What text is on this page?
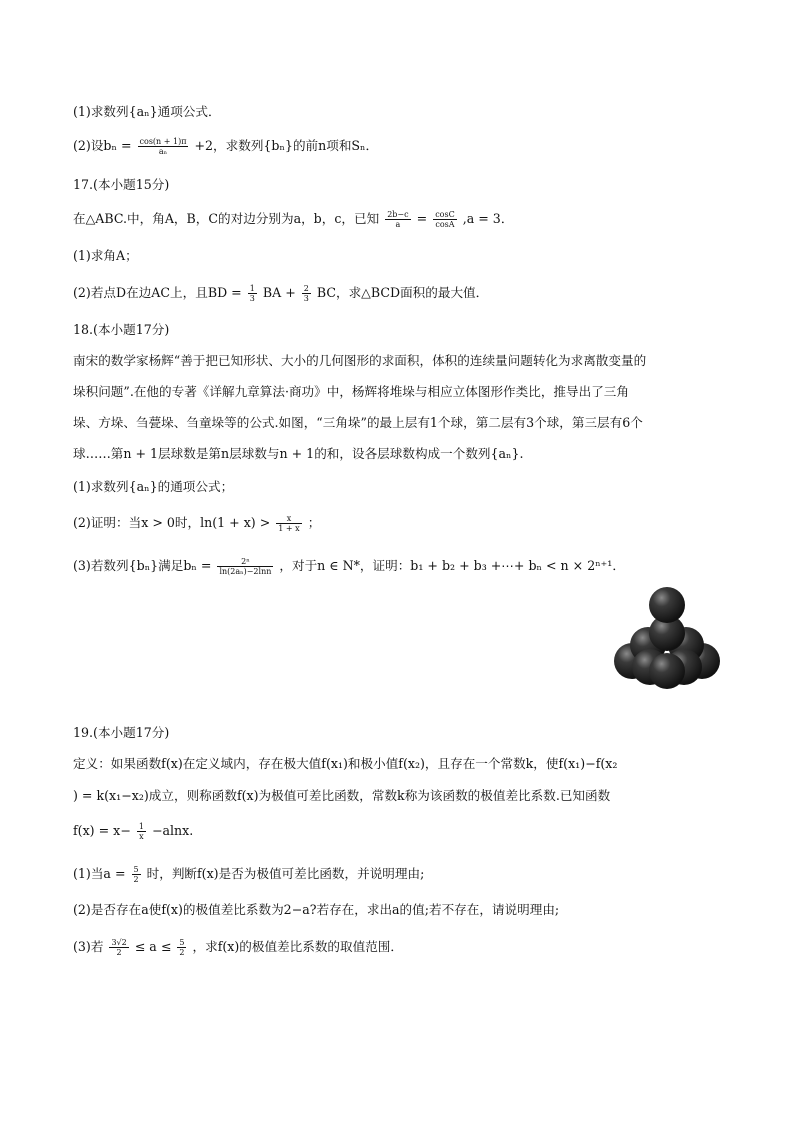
(1)求数列{aₙ}通项公式．
(2)设$b_n = \frac{\cos(n + 1)\pi}{\text{aₙ}} +2$，求数列{bₙ}的前n项和Sₙ．
17.(本小题15分)
在△ABC.中，角A，B，C的对边分别为a，b，c，已知 $\frac{2b-c}{a} = \frac{\cos C}{\cos A} ,a = 3$．
(1)求角A；
(2)若点D在边AC上，且BD = $\frac{1}{3}$ BA + $\frac{2}{3}$ BC，求△BCD面积的最大值．
18.(本小题17分)
南宋的数学家杨辉“善于把已知形状、大小的几何图形的求面积，体积的连续量问题转化为求离散变量的
垛积问题”.在他的专著《详解九章算法·商功》中，杨辉将堆垛与相应立体图形作类比，推导出了三角
垛、方垛、刍甍垛、刍童垛等的公式.如图，“三角垛”的最上层有1个球，第二层有3个球，第三层有6个
球……第n + 1层球数是第n层球数与n + 1的和，设各层球数构成一个数列{aₙ}.
(1)求数列{aₙ}的通项公式；
(2)证明：当x > 0时，$\ln(1 + x) > \frac{x}{1 + x}$ ；
(3)若数列{bₙ}满足$b_n = \frac{\text{2ⁿ}}{\text{ln(2aₙ)−2lnn}}$ ，对于n ∈ N*，证明：b₁ + b₂ + b₃ +⋯+ bₙ < n × 2ⁿ⁺¹．
19.(本小题17分)
定义：如果函数f(x)在定义域内，存在极大值f(x₁)和极小值f(x₂)，且存在一个常数k，使f(x₁)−f(x₂
) = k(x₁−x₂)成立，则称函数f(x)为极值可差比函数，常数k称为该函数的极值差比系数.已知函数
$f(x) = x- \frac{1}{x} -alnx$.
(1)当$a = \frac{5}{2}$ 时，判断f(x)是否为极值可差比函数，并说明理由;
(2)是否存在a使f(x)的极值差比系数为2−a?若存在，求出a的值;若不存在，请说明理由;
(3)若 $\frac{3√2}{2} \le a \le \frac{5}{2}$ ，求f(x)的极值差比系数的取值范围．
